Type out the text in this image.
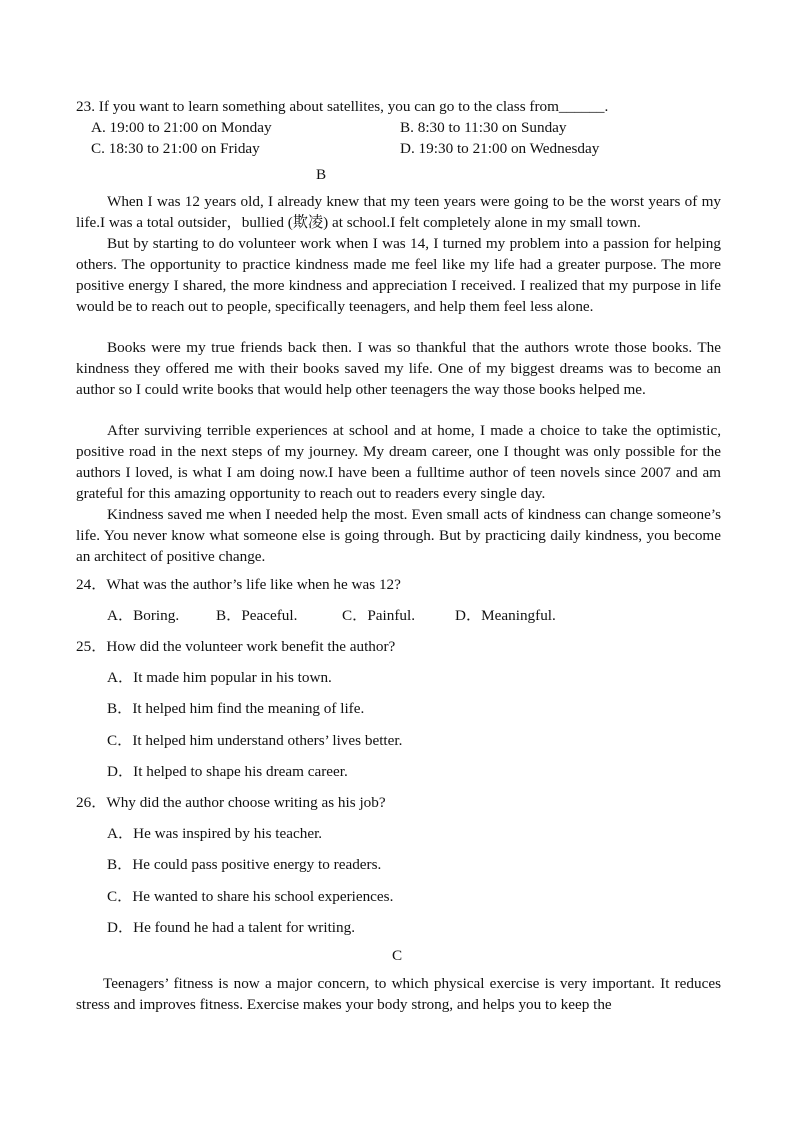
23. If you want to learn something about satellites, you can go to the class from______.
A. 19:00 to 21:00 on Monday	B. 8:30 to 11:30 on Sunday
C. 18:30 to 21:00 on Friday	D. 19:30 to 21:00 on Wednesday
B
When I was 12 years old, I already knew that my teen years were going to be the worst years of my life.I was a total outsider，bullied (欺凌) at school.I felt completely alone in my small town.
But by starting to do volunteer work when I was 14, I turned my problem into a passion for helping others. The opportunity to practice kindness made me feel like my life had a greater purpose. The more positive energy I shared, the more kindness and appreciation I received. I realized that my purpose in life would be to reach out to people, specifically teenagers, and help them feel less alone.
Books were my true friends back then. I was so thankful that the authors wrote those books. The kindness they offered me with their books saved my life. One of my biggest dreams was to become an author so I could write books that would help other teenagers the way those books helped me.
After surviving terrible experiences at school and at home, I made a choice to take the optimistic, positive road in the next steps of my journey. My dream career, one I thought was only possible for the authors I loved, is what I am doing now.I have been a fulltime author of teen novels since 2007 and am grateful for this amazing opportunity to reach out to readers every single day.
Kindness saved me when I needed help the most. Even small acts of kindness can change someone’s life. You never know what someone else is going through. But by practicing daily kindness, you become an architect of positive change.
24．What was the author’s life like when he was 12?
A．Boring. B．Peaceful.	C．Painful.	D．Meaningful.
25．How did the volunteer work benefit the author?
A．It made him popular in his town.
B．It helped him find the meaning of life.
C．It helped him understand others’ lives better.
D．It helped to shape his dream career.
26．Why did the author choose writing as his job?
A．He was inspired by his teacher.
B．He could pass positive energy to readers.
C．He wanted to share his school experiences.
D．He found he had a talent for writing.
C
Teenagers’ fitness is now a major concern, to which physical exercise is very important. It reduces stress and improves fitness. Exercise makes your body strong, and helps you to keep the
